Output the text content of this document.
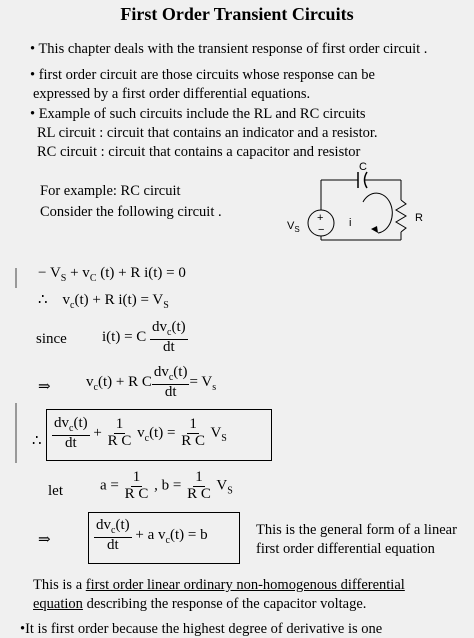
First Order Transient Circuits
• This chapter deals with the transient response of first order circuit .
• first order circuit are those circuits whose response can be
expressed by a first order differential equations.
• Example of such circuits include the RL and RC circuits
RL circuit : circuit that contains an indicator and a resistor.
RC circuit : circuit that contains a capacitor and resistor
For example: RC circuit
Consider the following circuit .
C
R
+
−
$V_S$
i
− $V_S + v_C$ (t) + R i(t) = 0
∴ $v_c(t) + R$ $i(t) = V_S$
since i(t) = C $\frac{dv_c(t)}{dt}$
⇒ $v_c(t) + R$ C $\frac{dv_c(t)}{dt} = V_s$
∴ $\frac{dv_c(t)}{dt} + \frac{1}{\text{R C}} v_c(t) = \frac{1}{\text{R C}} V_S$
let $a = \frac{1}{\text{R C}}$ , $b = \frac{1}{\text{R C}} V_S$
⇒	$\frac{dv_c(t)}{dt} + a$ $v_c(t) = b$	This is the general form of a linear
first order differential equation
This is a first order linear ordinary non-homogenous differential
equation describing the response of the capacitor voltage.
•It is first order because the highest degree of derivative is one
